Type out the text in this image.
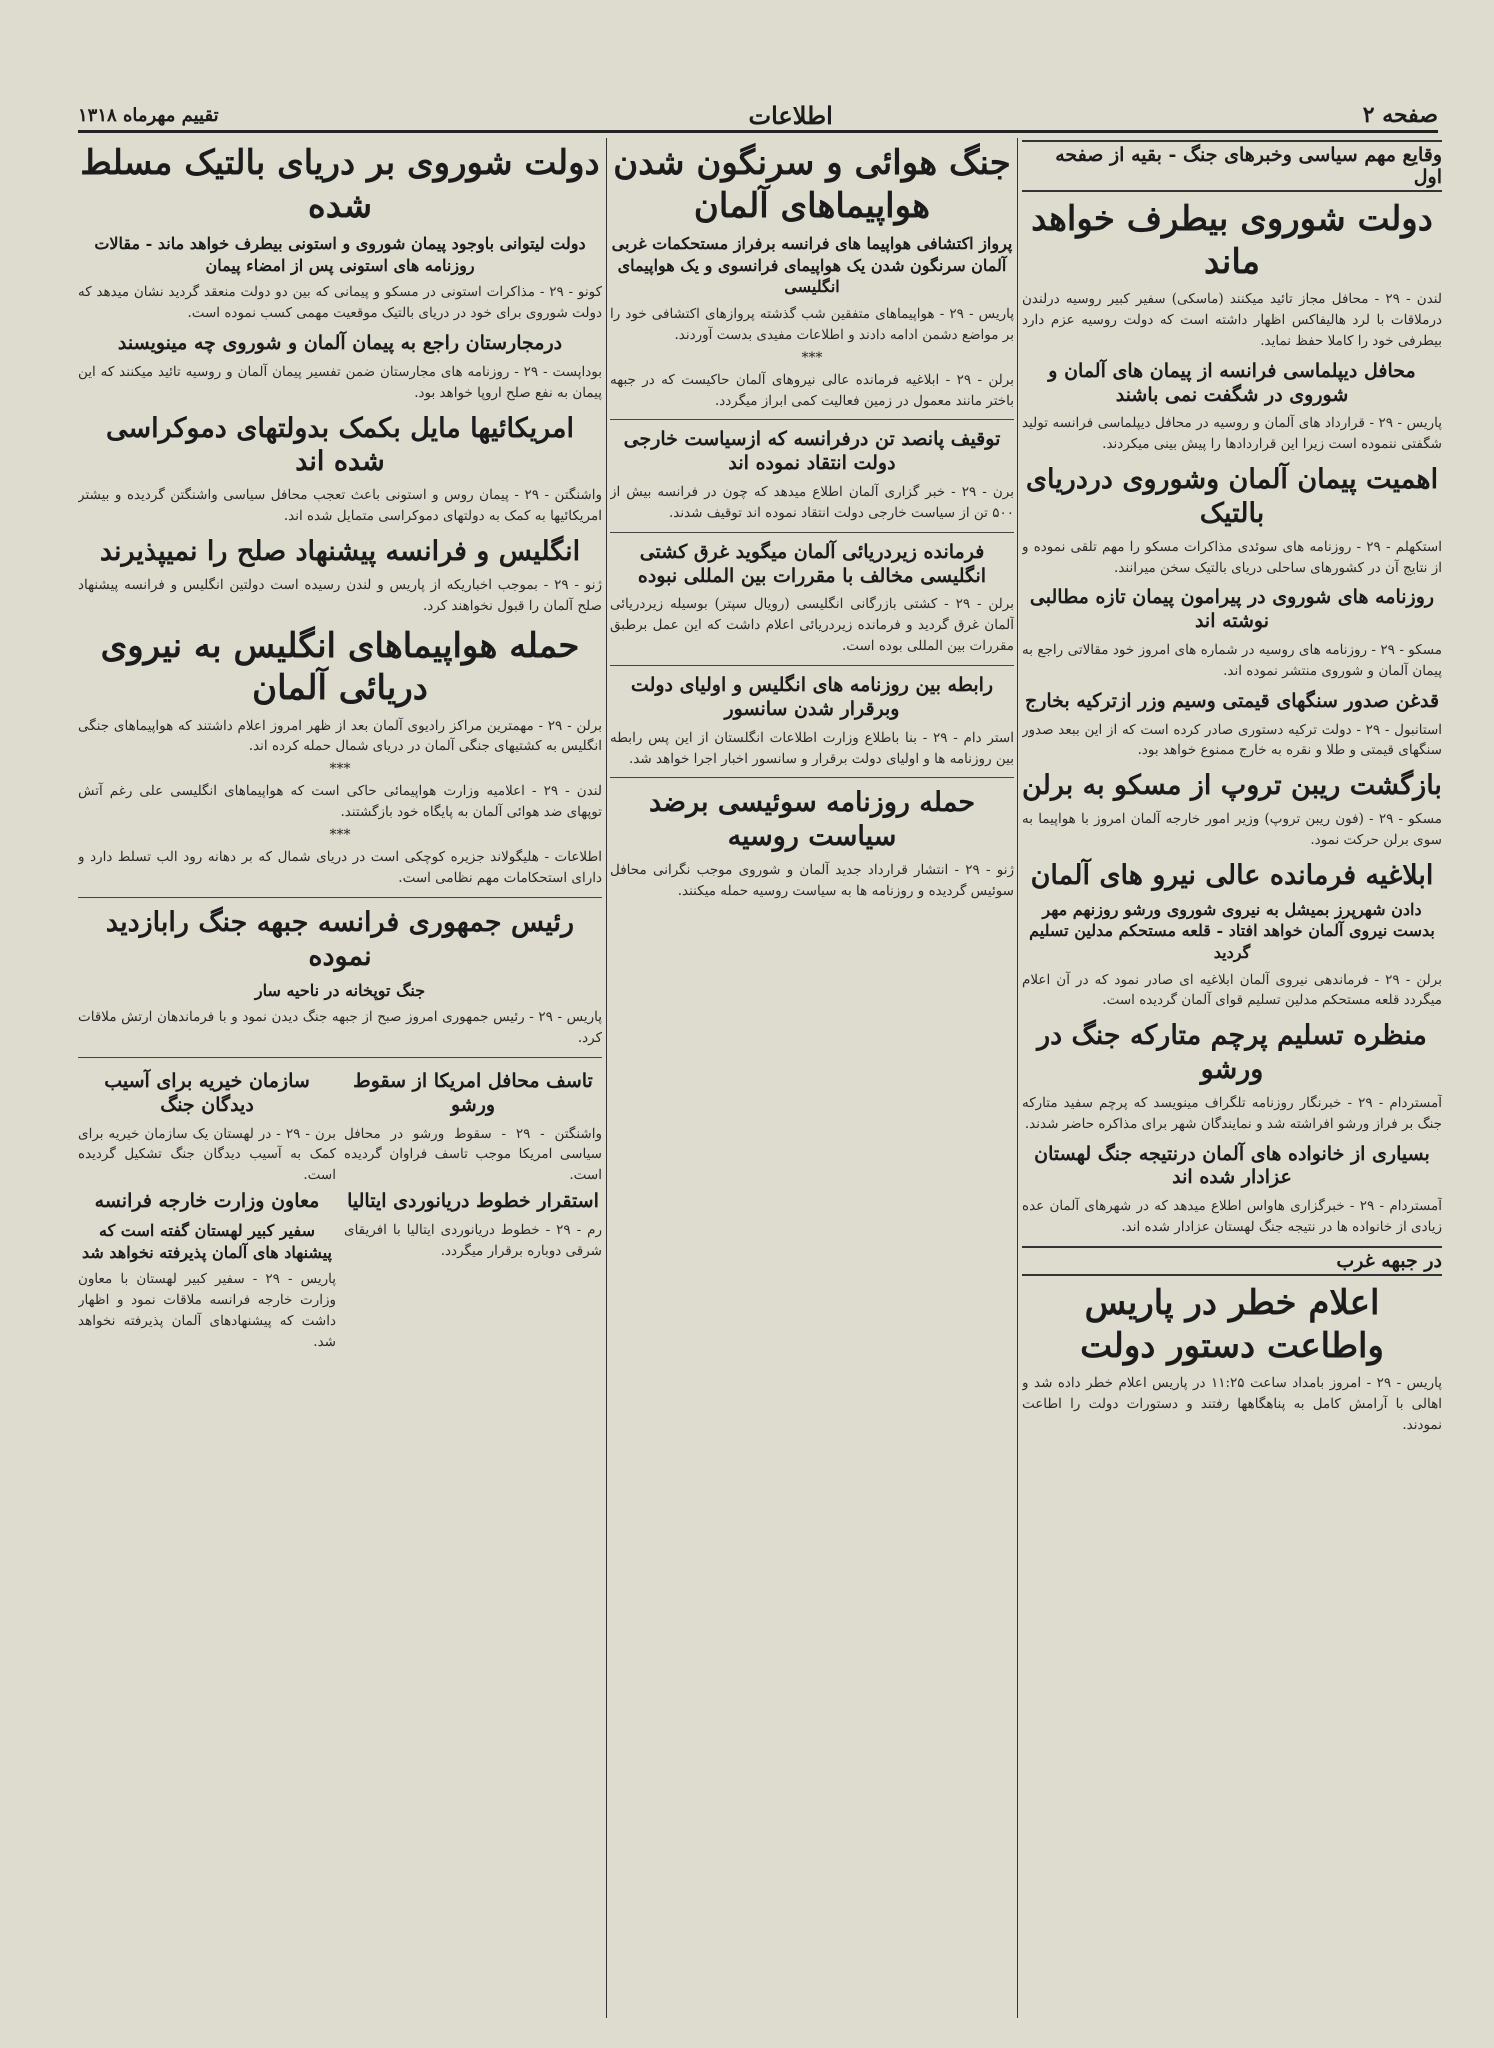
صفحه ۲
اطلاعات
تقییم مهرماه ۱۳۱۸
وقایع مهم سیاسی وخبرهای جنگ - بقیه از صفحه اول
دولت شوروی بیطرف خواهد ماند

لندن - ۲۹ - محافل مجاز تائید میکنند (ماسکی) سفیر کبیر روسیه درلندن درملاقات با لرد هالیفاکس اظهار داشته است که دولت روسیه عزم دارد بیطرفی خود را کاملا حفظ نماید.

محافل دیپلماسی فرانسه از پیمان های آلمان و شوروی در شگفت نمی باشند

پاریس - ۲۹ - قرارداد های آلمان و روسیه در محافل دیپلماسی فرانسه تولید شگفتی ننموده است زیرا این قراردادها را پیش بینی میکردند.

اهمیت پیمان آلمان وشوروی دردریای بالتیک

استکهلم - ۲۹ - روزنامه های سوئدی مذاکرات مسکو را مهم تلقی نموده و از نتایج آن در کشورهای ساحلی دریای بالتیک سخن میرانند.

روزنامه های شوروی در پیرامون پیمان تازه مطالبی نوشته اند

مسکو - ۲۹ - روزنامه های روسیه در شماره های امروز خود مقالاتی راجع به پیمان آلمان و شوروی منتشر نموده اند.

قدغن صدور سنگهای قیمتی وسیم وزر ازترکیه بخارج

استانبول - ۲۹ - دولت ترکیه دستوری صادر کرده است که از این ببعد صدور سنگهای قیمتی و طلا و نقره به خارج ممنوع خواهد بود.

بازگشت ریبن تروپ از مسکو به برلن

مسکو - ۲۹ - (فون ریبن تروپ) وزیر امور خارجه آلمان امروز با هواپیما به سوی برلن حرکت نمود.

ابلاغیه فرمانده عالی نیرو های آلمان
دادن شهرپرز بمیشل به نیروی شوروی ورشو روزنهم مهر بدست نیروی آلمان خواهد افتاد - قلعه مستحکم مدلین تسلیم گردید

برلن - ۲۹ - فرماندهی نیروی آلمان ابلاغیه ای صادر نمود که در آن اعلام میگردد قلعه مستحکم مدلین تسلیم قوای آلمان گردیده است.

منظره تسلیم پرچم متارکه جنگ در ورشو

آمستردام - ۲۹ - خبرنگار روزنامه تلگراف مینویسد که پرچم سفید متارکه جنگ بر فراز ورشو افراشته شد و نمایندگان شهر برای مذاکره حاضر شدند.

بسیاری از خانواده های آلمان درنتیجه جنگ لهستان عزادار شده اند

آمستردام - ۲۹ - خبرگزاری هاواس اطلاع میدهد که در شهرهای آلمان عده زیادی از خانواده ها در نتیجه جنگ لهستان عزادار شده اند.

در جبهه غرب
اعلام خطر در پاریس واطاعت دستور دولت

پاریس - ۲۹ - امروز بامداد ساعت ۱۱:۲۵ در پاریس اعلام خطر داده شد و اهالی با آرامش کامل به پناهگاهها رفتند و دستورات دولت را اطاعت نمودند.

جنگ هوائی و سرنگون شدن هواپیماهای آلمان
پرواز اکتشافی هواپیما های فرانسه برفراز مستحکمات غربی آلمان سرنگون شدن یک هواپیمای فرانسوی و یک هواپیمای انگلیسی

پاریس - ۲۹ - هواپیماهای متفقین شب گذشته پروازهای اکتشافی خود را بر مواضع دشمن ادامه دادند و اطلاعات مفیدی بدست آوردند.

***

برلن - ۲۹ - ابلاغیه فرمانده عالی نیروهای آلمان حاکیست که در جبهه باختر مانند معمول در زمین فعالیت کمی ابراز میگردد.

توقیف پانصد تن درفرانسه که ازسیاست خارجی دولت انتقاد نموده اند

برن - ۲۹ - خبر گزاری آلمان اطلاع میدهد که چون در فرانسه بیش از ۵۰۰ تن از سیاست خارجی دولت انتقاد نموده اند توقیف شدند.

فرمانده زیردریائی آلمان میگوید غرق کشتی انگلیسی مخالف با مقررات بین المللی نبوده

برلن - ۲۹ - کشتی بازرگانی انگلیسی (رویال سپتر) بوسیله زیردریائی آلمان غرق گردید و فرمانده زیردریائی اعلام داشت که این عمل برطبق مقررات بین المللی بوده است.

رابطه بین روزنامه های انگلیس و اولیای دولت وبرقرار شدن سانسور

استر دام - ۲۹ - بنا باطلاع وزارت اطلاعات انگلستان از این پس رابطه بین روزنامه ها و اولیای دولت برقرار و سانسور اخبار اجرا خواهد شد.

حمله روزنامه سوئیسی برضد سیاست روسیه

ژنو - ۲۹ - انتشار قرارداد جدید آلمان و شوروی موجب نگرانی محافل سوئیس گردیده و روزنامه ها به سیاست روسیه حمله میکنند.

دولت شوروی بر دریای بالتیک مسلط شده
دولت لیتوانی باوجود پیمان شوروی و استونی بیطرف خواهد ماند - مقالات روزنامه های استونی پس از امضاء پیمان

کونو - ۲۹ - مذاکرات استونی در مسکو و پیمانی که بین دو دولت منعقد گردید نشان میدهد که دولت شوروی برای خود در دریای بالتیک موقعیت مهمی کسب نموده است.

درمجارستان راجع به پیمان آلمان و شوروی چه مینویسند

بوداپست - ۲۹ - روزنامه های مجارستان ضمن تفسیر پیمان آلمان و روسیه تائید میکنند که این پیمان به نفع صلح اروپا خواهد بود.

امریکائیها مایل بکمک بدولتهای دموکراسی شده اند

واشنگتن - ۲۹ - پیمان روس و استونی باعث تعجب محافل سیاسی واشنگتن گردیده و بیشتر امریکائیها به کمک به دولتهای دموکراسی متمایل شده اند.

انگلیس و فرانسه پیشنهاد صلح را نمیپذیرند

ژنو - ۲۹ - بموجب اخباریکه از پاریس و لندن رسیده است دولتین انگلیس و فرانسه پیشنهاد صلح آلمان را قبول نخواهند کرد.

حمله هواپیماهای انگلیس به نیروی دریائی آلمان

برلن - ۲۹ - مهمترین مراکز رادیوی آلمان بعد از ظهر امروز اعلام داشتند که هواپیماهای جنگی انگلیس به کشتیهای جنگی آلمان در دریای شمال حمله کرده اند.

***

لندن - ۲۹ - اعلامیه وزارت هواپیمائی حاکی است که هواپیماهای انگلیسی علی رغم آتش توپهای ضد هوائی آلمان به پایگاه خود بازگشتند.

***

اطلاعات - هلیگولاند جزیره کوچکی است در دریای شمال که بر دهانه رود الب تسلط دارد و دارای استحکامات مهم نظامی است.

رئیس جمهوری فرانسه جبهه جنگ رابازدید نموده
جنگ توپخانه در ناحیه سار

پاریس - ۲۹ - رئیس جمهوری امروز صبح از جبهه جنگ دیدن نمود و با فرماندهان ارتش ملاقات کرد.

تاسف محافل امریکا از سقوط ورشو

واشنگتن - ۲۹ - سقوط ورشو در محافل سیاسی امریکا موجب تاسف فراوان گردیده است.

استقرار خطوط دریانوردی ایتالیا

رم - ۲۹ - خطوط دریانوردی ایتالیا با افریقای شرقی دوباره برقرار میگردد.

سازمان خیریه برای آسیب دیدگان جنگ

برن - ۲۹ - در لهستان یک سازمان خیریه برای کمک به آسیب دیدگان جنگ تشکیل گردیده است.

معاون وزارت خارجه فرانسه
سفیر کبیر لهستان گفته است که پیشنهاد های آلمان پذیرفته نخواهد شد

پاریس - ۲۹ - سفیر کبیر لهستان با معاون وزارت خارجه فرانسه ملاقات نمود و اظهار داشت که پیشنهادهای آلمان پذیرفته نخواهد شد.
